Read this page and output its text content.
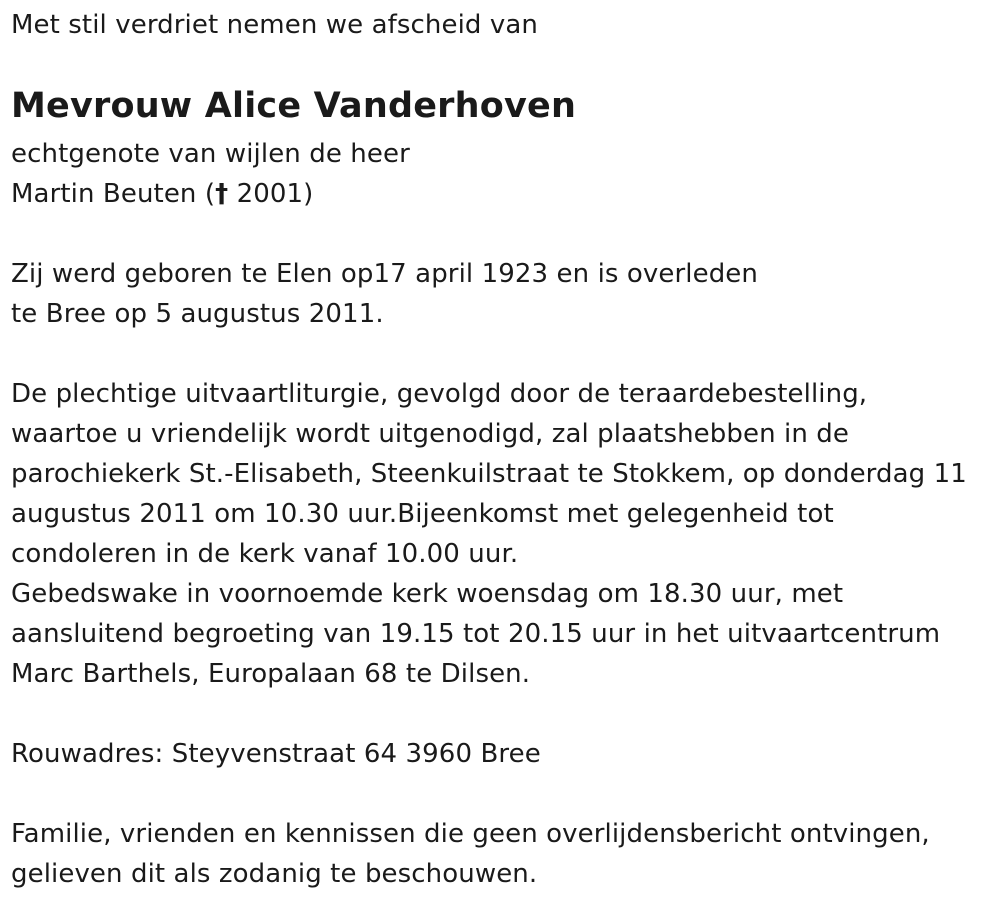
Met stil verdriet nemen we afscheid van
Mevrouw Alice Vanderhoven
echtgenote van wijlen de heer
Martin Beuten († 2001)
Zij werd geboren te Elen op17 april 1923 en is overleden
te Bree op 5 augustus 2011.
De plechtige uitvaartliturgie, gevolgd door de teraardebestelling,
waartoe u vriendelijk wordt uitgenodigd, zal plaatshebben in de
parochiekerk St.-Elisabeth, Steenkuilstraat te Stokkem, op donderdag 11
augustus 2011 om 10.30 uur.Bijeenkomst met gelegenheid tot
condoleren in de kerk vanaf 10.00 uur.
Gebedswake in voornoemde kerk woensdag om 18.30 uur, met
aansluitend begroeting van 19.15 tot 20.15 uur in het uitvaartcentrum
Marc Barthels, Europalaan 68 te Dilsen.
Rouwadres: Steyvenstraat 64 3960 Bree
Familie, vrienden en kennissen die geen overlijdensbericht ontvingen,
gelieven dit als zodanig te beschouwen.
